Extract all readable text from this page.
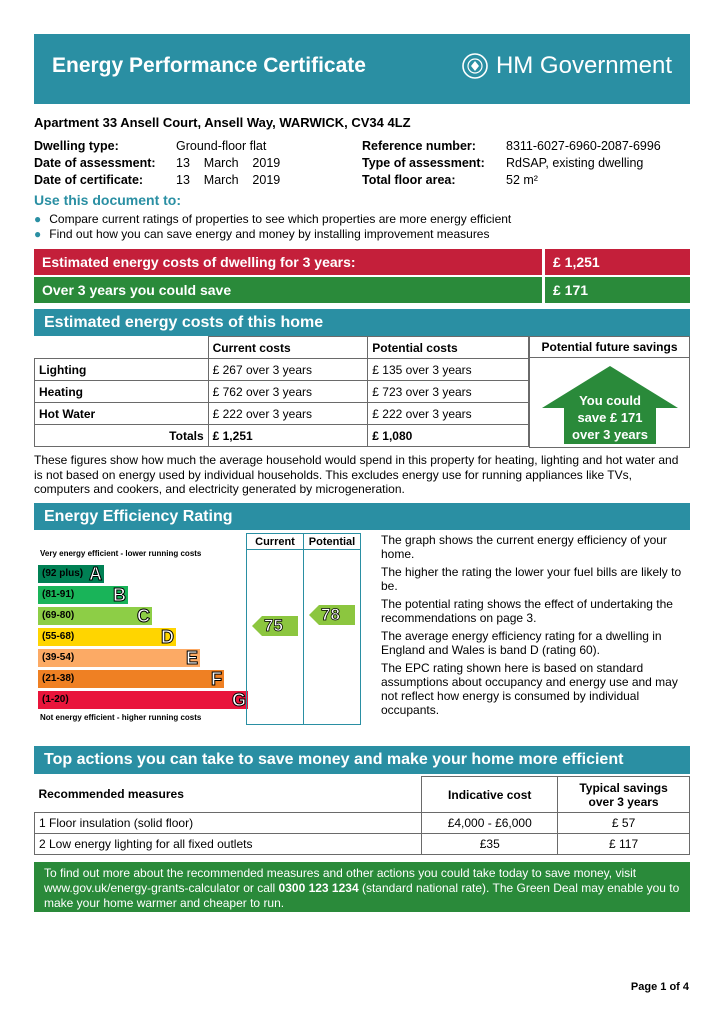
Energy Performance Certificate	HM Government
Apartment 33 Ansell Court, Ansell Way, WARWICK, CV34 4LZ
Dwelling type:	Ground-floor flat
Date of assessment: 13    March    2019
Date of certificate:	13    March    2019
Reference number: 8311-6027-6960-2087-6996
Type of assessment: RdSAP, existing dwelling
Total floor area:	52 m²
Use this document to:
● Compare current ratings of properties to see which properties are more energy efficient
● Find out how you can save energy and money by installing improvement measures
Estimated energy costs of dwelling for 3 years:	£ 1,251
Over 3 years you could save	£ 171
Estimated energy costs of this home
	Current costs	Potential costs
Lighting	£ 267 over 3 years	£ 135 over 3 years
Heating	£ 762 over 3 years	£ 723 over 3 years
Hot Water	£ 222 over 3 years	£ 222 over 3 years
Totals	£ 1,251	£ 1,080
Potential future savings
You could
save £ 171
over 3 years
These figures show how much the average household would spend in this property for heating, lighting and hot water and is not based on energy used by individual households. This excludes energy use for running appliances like TVs, computers and cookers, and electricity generated by microgeneration.
Energy Efficiency Rating
Very energy efficient - lower running costs
(92 plus) A
(81-91) B
(69-80)	C
(55-68)	D
(39-54)	E
(21-38)	F
(1-20)	G
Not energy efficient - higher running costs
Current	Potential
75
78

The graph shows the current energy efficiency of your home.

The higher the rating the lower your fuel bills are likely to be.

The potential rating shows the effect of undertaking the recommendations on page 3.

The average energy efficiency rating for a dwelling in England and Wales is band D (rating 60).

The EPC rating shown here is based on standard assumptions about occupancy and energy use and may not reflect how energy is consumed by individual occupants.

Top actions you can take to save money and make your home more efficient
Recommended measures	Indicative cost	Typical savings
over 3 years

1 Floor insulation (solid floor)	£4,000 - £6,000	£ 57
2 Low energy lighting for all fixed outlets	£35	£ 117
To find out more about the recommended measures and other actions you could take today to save money, visit www.gov.uk/energy-grants-calculator or call 0300 123 1234 (standard national rate). The Green Deal may enable you to make your home warmer and cheaper to run.
Page 1 of 4
